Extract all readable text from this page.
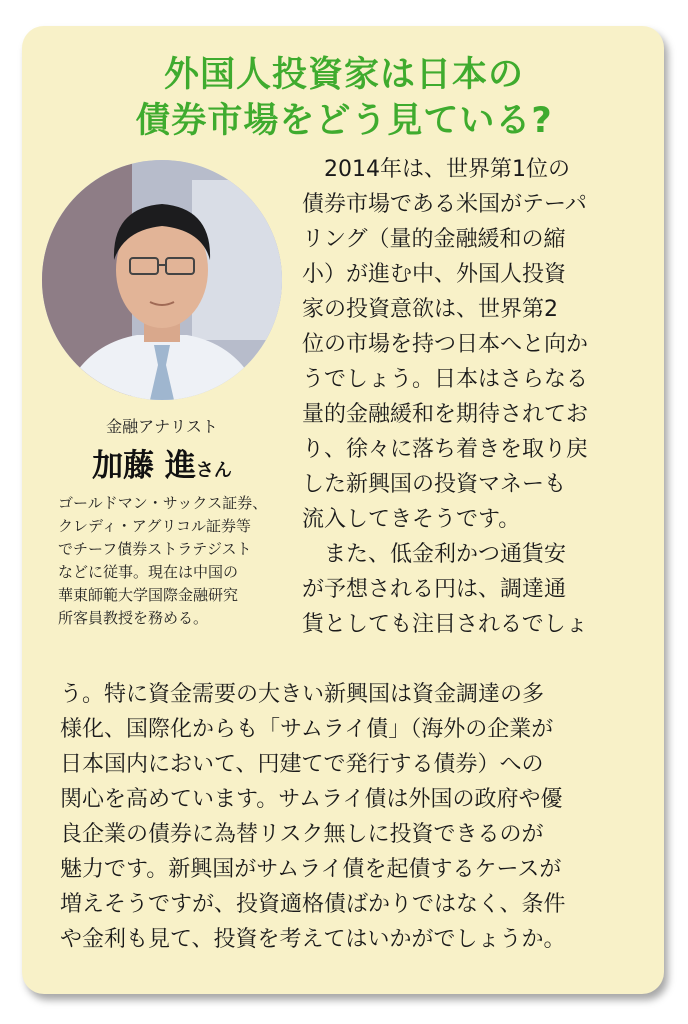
外国人投資家は日本の
債券市場をどう見ている?
金融アナリスト
加藤 進さん
ゴールドマン・サックス証券、
クレディ・アグリコル証券等
でチーフ債券ストラテジスト
などに従事。現在は中国の
華東師範大学国際金融研究
所客員教授を務める。
　2014年は、世界第1位の
債券市場である米国がテーパ
リング（量的金融緩和の縮
小）が進む中、外国人投資
家の投資意欲は、世界第2
位の市場を持つ日本へと向か
うでしょう。日本はさらなる
量的金融緩和を期待されてお
り、徐々に落ち着きを取り戻
した新興国の投資マネーも
流入してきそうです。
　また、低金利かつ通貨安
が予想される円は、調達通
貨としても注目されるでしょ
う。特に資金需要の大きい新興国は資金調達の多
様化、国際化からも「サムライ債」（海外の企業が
日本国内において、円建てで発行する債券）への
関心を高めています。サムライ債は外国の政府や優
良企業の債券に為替リスク無しに投資できるのが
魅力です。新興国がサムライ債を起債するケースが
増えそうですが、投資適格債ばかりではなく、条件
や金利も見て、投資を考えてはいかがでしょうか。
